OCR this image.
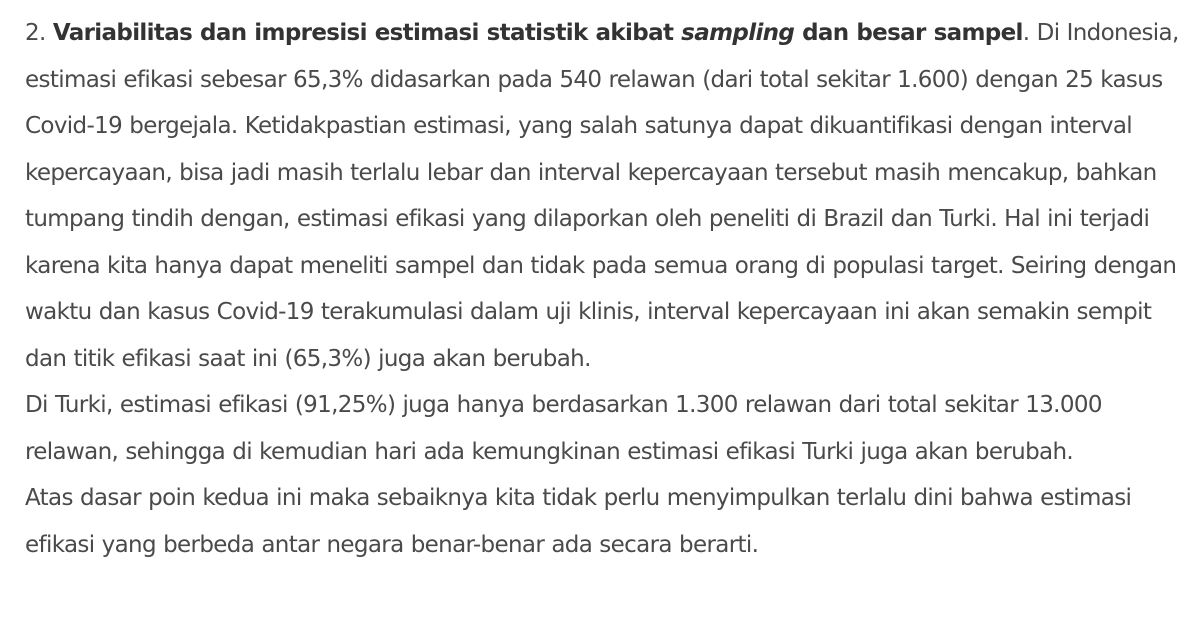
2. Variabilitas dan impresisi estimasi statistik akibat sampling dan besar sampel. Di Indonesia, estimasi efikasi sebesar 65,3% didasarkan pada 540 relawan (dari total sekitar 1.600) dengan 25 kasus Covid-19 bergejala. Ketidakpastian estimasi, yang salah satunya dapat dikuantifikasi dengan interval kepercayaan, bisa jadi masih terlalu lebar dan interval kepercayaan tersebut masih mencakup, bahkan tumpang tindih dengan, estimasi efikasi yang dilaporkan oleh peneliti di Brazil dan Turki. Hal ini terjadi karena kita hanya dapat meneliti sampel dan tidak pada semua orang di populasi target. Seiring dengan waktu dan kasus Covid-19 terakumulasi dalam uji klinis, interval kepercayaan ini akan semakin sempit dan titik efikasi saat ini (65,3%) juga akan berubah.

Di Turki, estimasi efikasi (91,25%) juga hanya berdasarkan 1.300 relawan dari total sekitar 13.000 relawan, sehingga di kemudian hari ada kemungkinan estimasi efikasi Turki juga akan berubah.

Atas dasar poin kedua ini maka sebaiknya kita tidak perlu menyimpulkan terlalu dini bahwa estimasi efikasi yang berbeda antar negara benar-benar ada secara berarti.
